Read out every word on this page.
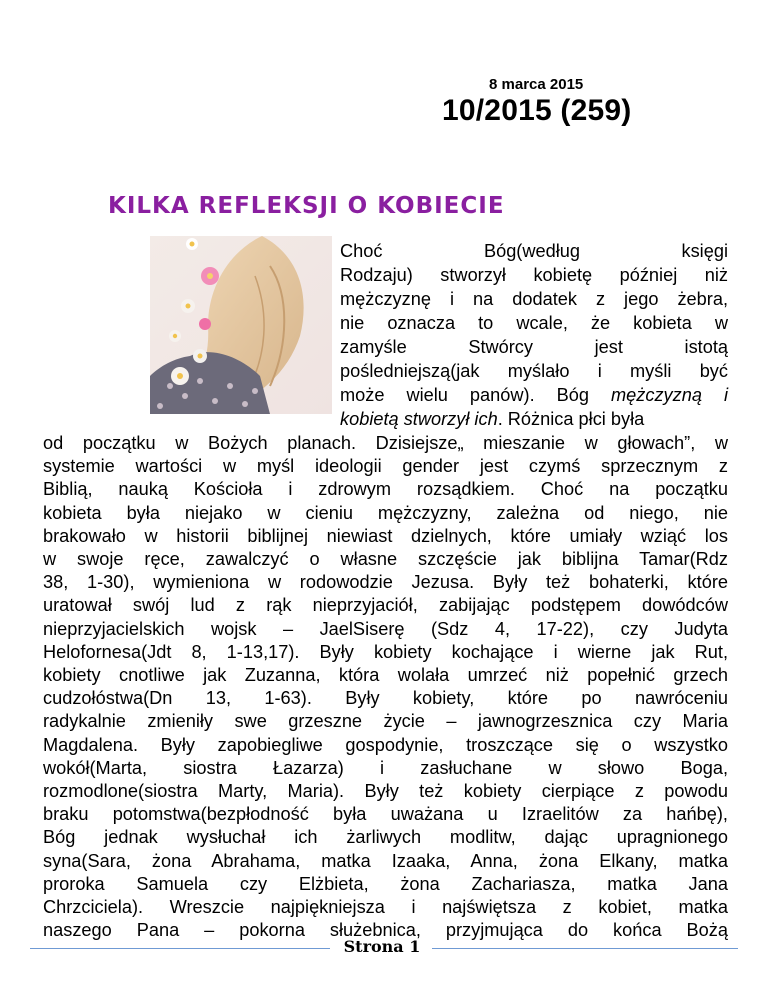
8 marca 2015
10/2015 (259)
KILKA REFLEKSJI O KOBIECIE
Choć Bóg(według księgi
Rodzaju) stworzył kobietę później niż
mężczyznę i na dodatek z jego żebra,
nie oznacza to wcale, że kobieta w
zamyśle Stwórcy jest istotą
pośledniejszą(jak myślało i myśli być
może wielu panów). Bóg mężczyzną i
kobietą stworzył ich. Różnica płci była
od początku w Bożych planach. Dzisiejsze„ mieszanie w głowach”, w
systemie wartości w myśl ideologii gender jest czymś sprzecznym z
Biblią, nauką Kościoła i zdrowym rozsądkiem. Choć na początku
kobieta była niejako w cieniu mężczyzny, zależna od niego, nie
brakowało w historii biblijnej niewiast dzielnych, które umiały wziąć los
w swoje ręce, zawalczyć o własne szczęście jak biblijna Tamar(Rdz
38, 1-30), wymieniona w rodowodzie Jezusa. Były też bohaterki, które
uratował swój lud z rąk nieprzyjaciół, zabijając podstępem dowódców
nieprzyjacielskich wojsk – JaelSiserę (Sdz 4, 17-22), czy Judyta
Helofornesa(Jdt 8, 1-13,17). Były kobiety kochające i wierne jak Rut,
kobiety cnotliwe jak Zuzanna, która wolała umrzeć niż popełnić grzech
cudzołóstwa(Dn 13, 1-63). Były kobiety, które po nawróceniu
radykalnie zmieniły swe grzeszne życie – jawnogrzesznica czy Maria
Magdalena. Były zapobiegliwe gospodynie, troszczące się o wszystko
wokół(Marta, siostra Łazarza) i zasłuchane w słowo Boga,
rozmodlone(siostra Marty, Maria). Były też kobiety cierpiące z powodu
braku potomstwa(bezpłodność była uważana u Izraelitów za hańbę),
Bóg jednak wysłuchał ich żarliwych modlitw, dając upragnionego
syna(Sara, żona Abrahama, matka Izaaka, Anna, żona Elkany, matka
proroka Samuela czy Elżbieta, żona Zachariasza, matka Jana
Chrzciciela). Wreszcie najpiękniejsza i najświętsza z kobiet, matka
naszego Pana – pokorna służebnica, przyjmująca do końca Bożą
Strona 1
